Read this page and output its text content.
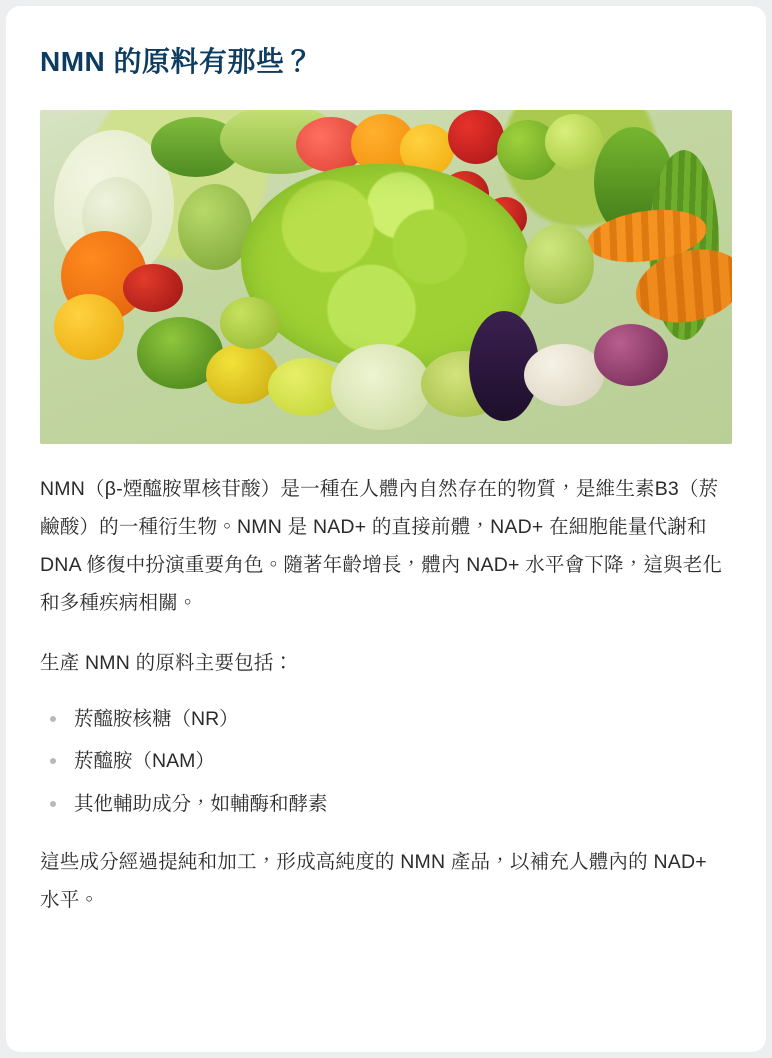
NMN 的原料有那些？

NMN（β-煙醯胺單核苷酸）是一種在人體內自然存在的物質，是維生素B3（菸鹼酸）的一種衍生物。NMN 是 NAD+ 的直接前體，NAD+ 在細胞能量代謝和 DNA 修復中扮演重要角色。隨著年齡增長，體內 NAD+ 水平會下降，這與老化和多種疾病相關。

生產 NMN 的原料主要包括：

菸醯胺核糖（NR）
菸醯胺（NAM）
其他輔助成分，如輔酶和酵素

這些成分經過提純和加工，形成高純度的 NMN 產品，以補充人體內的 NAD+ 水平。
